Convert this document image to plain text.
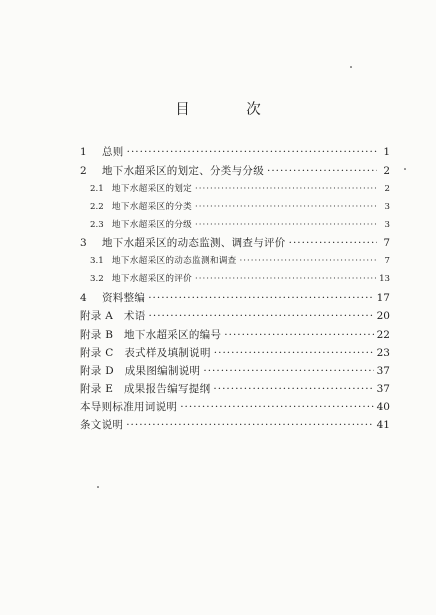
目 次
1	总则 ·····	1
2	地下水超采区的划定、分类与分级 ·····	2
2.1 地下水超采区的划定 ·····	2
2.2 地下水超采区的分类 ·····	3
2.3 地下水超采区的分级 ·····	3
3	地下水超采区的动态监测、调查与评价 ·····	7
3.1 地下水超采区的动态监测和调查 ·····	7
3.2 地下水超采区的评价 ·····	13
4	资料整编 ·····	17
附录 A　术语 ·····	20
附录 B　地下水超采区的编号 ·····	22
附录 C　表式样及填制说明 ·····	23
附录 D　成果图编制说明 ·····	37
附录 E　成果报告编写提纲 ·····	37
本导则标准用词说明 ·····	40
条文说明 ·····	41
